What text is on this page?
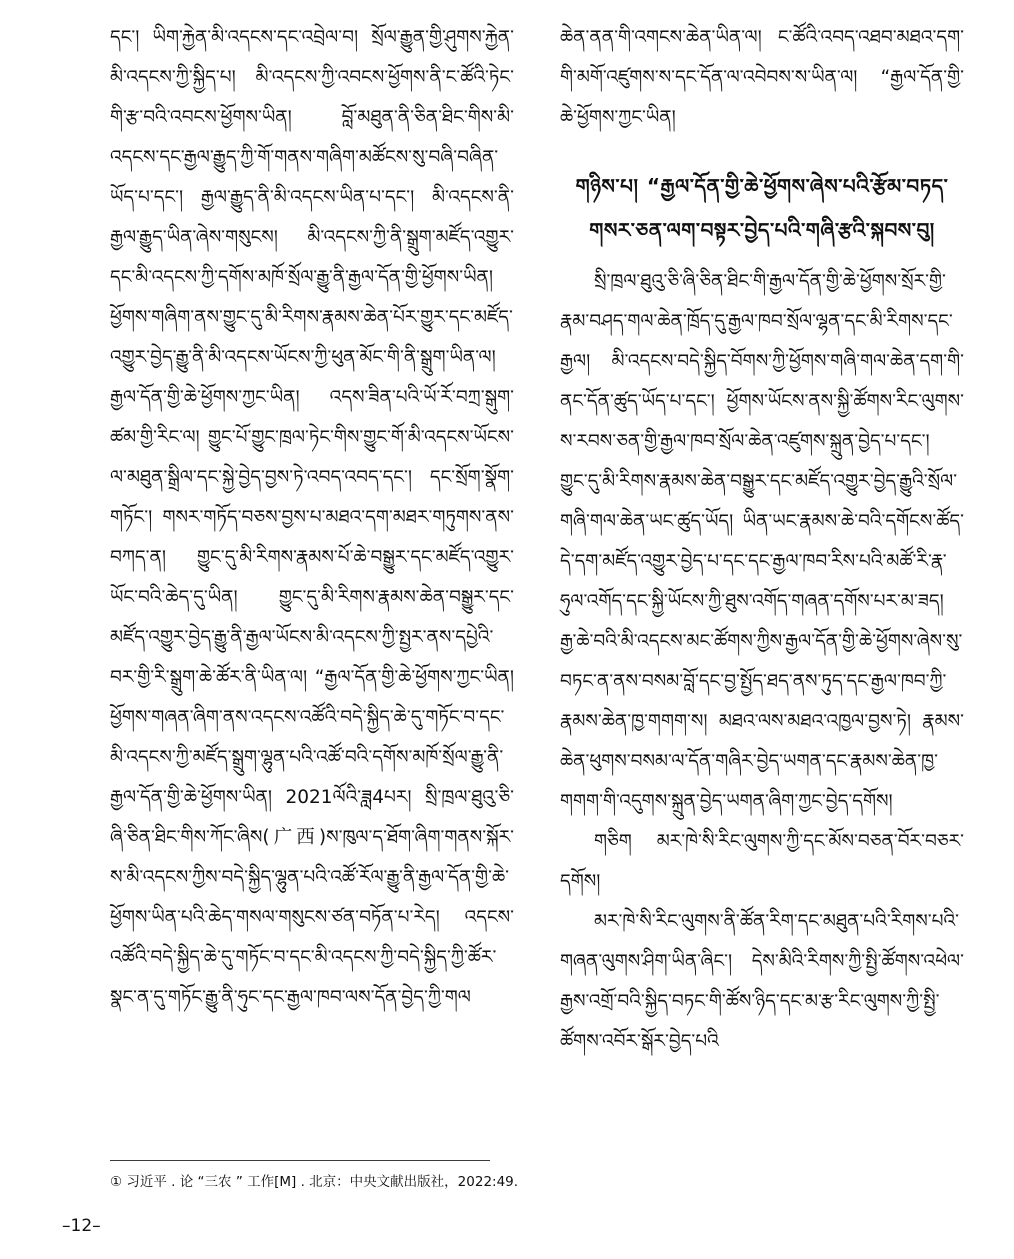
དང་། ཡིག་རྐྱེན་མི་འདངས་དང་འབྲེལ་བ། སྲོལ་རྒྱུན་གྱི་ཤུགས་རྐྱེན་མི་འདངས་ཀྱི་སྐྱིད་པ། མི་འདངས་ཀྱི་འབངས་ཕྱོགས་ནི་ང་ཚོའི་ཏེང་གི་རྩ་བའི་འབངས་ཕྱོགས་ཡིན། བློ་མཐུན་ནི་ཅིན་ཐིང་གིས་མི་འདངས་དང་རྒྱལ་རྒྱུད་ཀྱི་གོ་གནས་གཞིག་མཚོངས་སུ་བཞི་བཞིན་ཡོད་པ་དང་། རྒྱལ་རྒྱུད་ནི་མི་འདངས་ཡིན་པ་དང་། མི་འདངས་ནི་རྒྱལ་རྒྱུད་ཡིན་ཞེས་གསུངས། མི་འདངས་ཀྱི་ནི་སྒྲུག་མཛོད་འགྱུར་དང་མི་འདངས་ཀྱི་དགོས་མཁོ་སྲོལ་རྒྱུ་ནི་རྒྱལ་དོན་གྱི་ཕྱོགས་ཡིན། ཕྱོགས་གཞིག་ནས་གྱུང་དུ་མི་རིགས་རྣམས་ཆེན་པོར་གྱུར་དང་མཛོད་འགྱུར་བྱེད་རྒྱུ་ནི་མི་འདངས་ཡོངས་ཀྱི་ཕུན་མོང་གི་ནི་སྒྲུག་ཡིན་ལ། རྒྱལ་དོན་གྱི་ཆེ་ཕྱོགས་ཀྱང་ཡིན། འདས་ཟིན་པའི་ཡོ་རོ་བཀྲ་སྒུག་ཚམ་གྱི་རིང་ལ། གྱུང་པོ་གྱུང་ཁྲལ་ཏེང་གིས་གྱུང་གོ་མི་འདངས་ཡོངས་ལ་མཐུན་སྒྲིལ་དང་སྐྱེ་བྱེད་བྱས་ཏེ་འབད་འབད་དང་། དང་སྲོག་སྣོག་གཏོང་། གསར་གཏོད་བཅས་བྱས་པ་མཐའ་དག་མཐར་གཏུགས་ནས་བཀད་ན། གྱུང་དུ་མི་རིགས་རྣམས་པོ་ཆེ་བསྒྱུར་དང་མཛོད་འགྱུར་ཡོང་བའི་ཆེད་དུ་ཡིན། གྱུང་དུ་མི་རིགས་རྣམས་ཆེན་བསྒྱུར་དང་མཛོད་འགྱུར་བྱེད་རྒྱུ་ནི་རྒྱལ་ཡོངས་མི་འདངས་ཀྱི་སྤྱར་ནས་དཔྱེའི་བར་གྱི་རི་སྒྲུག་ཆེ་ཚོར་ནི་ཡིན་ལ། “རྒྱལ་དོན་གྱི་ཆེ་ཕྱོགས་ཀྱང་ཡིན། ཕྱོགས་གཞན་ཞིག་ནས་འདངས་འཚོའི་བདེ་སྐྱིད་ཆེ་དུ་གཏོང་བ་དང་མི་འདངས་ཀྱི་མཛོད་སྒྲུག་ལྷུན་པའི་འཚོ་བའི་དགོས་མཁོ་སྲོལ་རྒྱུ་ནི་རྒྱལ་དོན་གྱི་ཆེ་ཕྱོགས་ཡིན། 2021ལོའི་ཟླ4པར། སྲི་ཁྲལ་ཐུའུ་ཅི་ཞི་ཅིན་ཐིང་གིས་ཀོང་ཞིས(广西)ས་ཁུལ་ད་ཐོག་ཞིག་གནས་སྐོར་ས་མི་འདངས་ཀྱིས་བདེ་སྐྱིད་ལྷུན་པའི་འཚོ་རོལ་རྒྱུ་ནི་རྒྱལ་དོན་གྱི་ཆེ་ཕྱོགས་ཡིན་པའི་ཆེད་གསལ་གསུངས་ཙན་བཏོན་པ་རེད། འདངས་འཚོའི་བདེ་སྐྱིད་ཆེ་དུ་གཏོང་བ་དང་མི་འདངས་ཀྱི་བདེ་སྐྱིད་ཀྱི་ཚོར་སྣང་ན་དུ་གཏོང་རྒྱུ་ནི་ཧུང་དང་རྒྱལ་ཁབ་ལས་དོན་བྱེད་ཀྱི་གལ

ཆེན་ནན་གི་འགངས་ཆེན་ཡིན་ལ། ང་ཚོའི་འབད་འཐབ་མཐའ་དག་གི་མགོ་འཛུགས་ས་དང་དོན་ལ་འབེབས་ས་ཡིན་ལ། “རྒྱལ་དོན་གྱི་ཆེ་ཕྱོགས་ཀྱང་ཡིན།

གཉིས་པ། “རྒྱལ་དོན་གྱི་ཆེ་ཕྱོགས་ཞེས་པའི་རྩོམ་བཏད་གསར་ཅན་ལག་བསྟར་བྱེད་པའི་གཞི་རྩའི་སྐབས་བུ།

སྲི་ཁྲལ་ཐུའུ་ཅི་ཞི་ཅིན་ཐིང་གི་རྒྱལ་དོན་གྱི་ཆེ་ཕྱོགས་སྲོར་གྱི་རྣམ་བཤད་གལ་ཆེན་ཁྲོད་དུ་རྒྱལ་ཁབ་སྲོལ་ལྷན་དང་མི་རིགས་དང་རྒྱལ། མི་འདངས་བདེ་སྐྱིད་བོགས་ཀྱི་ཕྱོགས་གཞི་གལ་ཆེན་དག་གི་ནང་དོན་ཚུད་ཡོད་པ་དང་། ཕྱོགས་ཡོངས་ནས་སྐྱི་ཚོགས་རིང་ལུགས་ས་རབས་ཅན་གྱི་རྒྱལ་ཁབ་སྲོལ་ཆེན་འཛུགས་སྐྲུན་བྱེད་པ་དང་། གྱུང་དུ་མི་རིགས་རྣམས་ཆེན་བསྒྱུར་དང་མཛོད་འགྱུར་བྱེད་རྒྱུའི་སྲོལ་གཞི་གལ་ཆེན་ཡང་ཚུད་ཡོད། ཡིན་ཡང་རྣམས་ཆེ་བའི་དགོངས་ཚོད་དེ་དག་མཛོད་འགྱུར་བྱེད་པ་དང་དང་རྒྱལ་ཁབ་རིས་པའི་མཚོ་རི་རྣ་ཧུལ་འགོད་དང་སྐྱི་ཡོངས་ཀྱི་ཐུས་འགོད་གཞན་དགོས་པར་མ་ཟད། རྒྱ་ཆེ་བའི་མི་འདངས་མང་ཚོགས་ཀྱིས་རྒྱལ་དོན་གྱི་ཆེ་ཕྱོགས་ཞེས་སུ་བཏང་ན་ནས་བསམ་བློ་དང་བྱ་སྤྱོད་ཐད་ནས་ཏུད་དང་རྒྱལ་ཁབ་ཀྱི་རྣམས་ཆེན་ཁྱ་གགག་ས། མཐའ་ལས་མཐའ་འཁྱལ་བྱས་ཏེ། རྣམས་ཆེན་ཕུགས་བསམ་ལ་དོན་གཞིར་བྱེད་ཡགན་དང་རྣམས་ཆེན་ཁྱ་གགག་གི་འདུགས་སྐྲུན་བྱེད་ཡགན་ཞིག་ཀྱང་བྱེད་དགོས།

གཅིག མར་ཁེ་སི་རིང་ལུགས་ཀྱི་དང་མོས་བཅན་བོར་བཅར་དགོས།

མར་ཁེ་སི་རིང་ལུགས་ནི་ཚོན་རིག་དང་མཐུན་པའི་རིགས་པའི་གཞན་ལུགས་ཤིག་ཡིན་ཞིང་། དེས་མིའི་རིགས་ཀྱི་སྤྱི་ཚོགས་འཕེལ་རྒྱས་འགྲོ་བའི་སྐྱིད་བཏང་གི་ཚོས་ཉིད་དང་མ་རྩ་རིང་ལུགས་ཀྱི་སྤྱི་ཚོགས་འབོར་སྒོར་བྱེད་པའི

① 习近平 . 论 “三农 ” 工作[M] . 北京：中央文献出版社，2022:49.
–12–
